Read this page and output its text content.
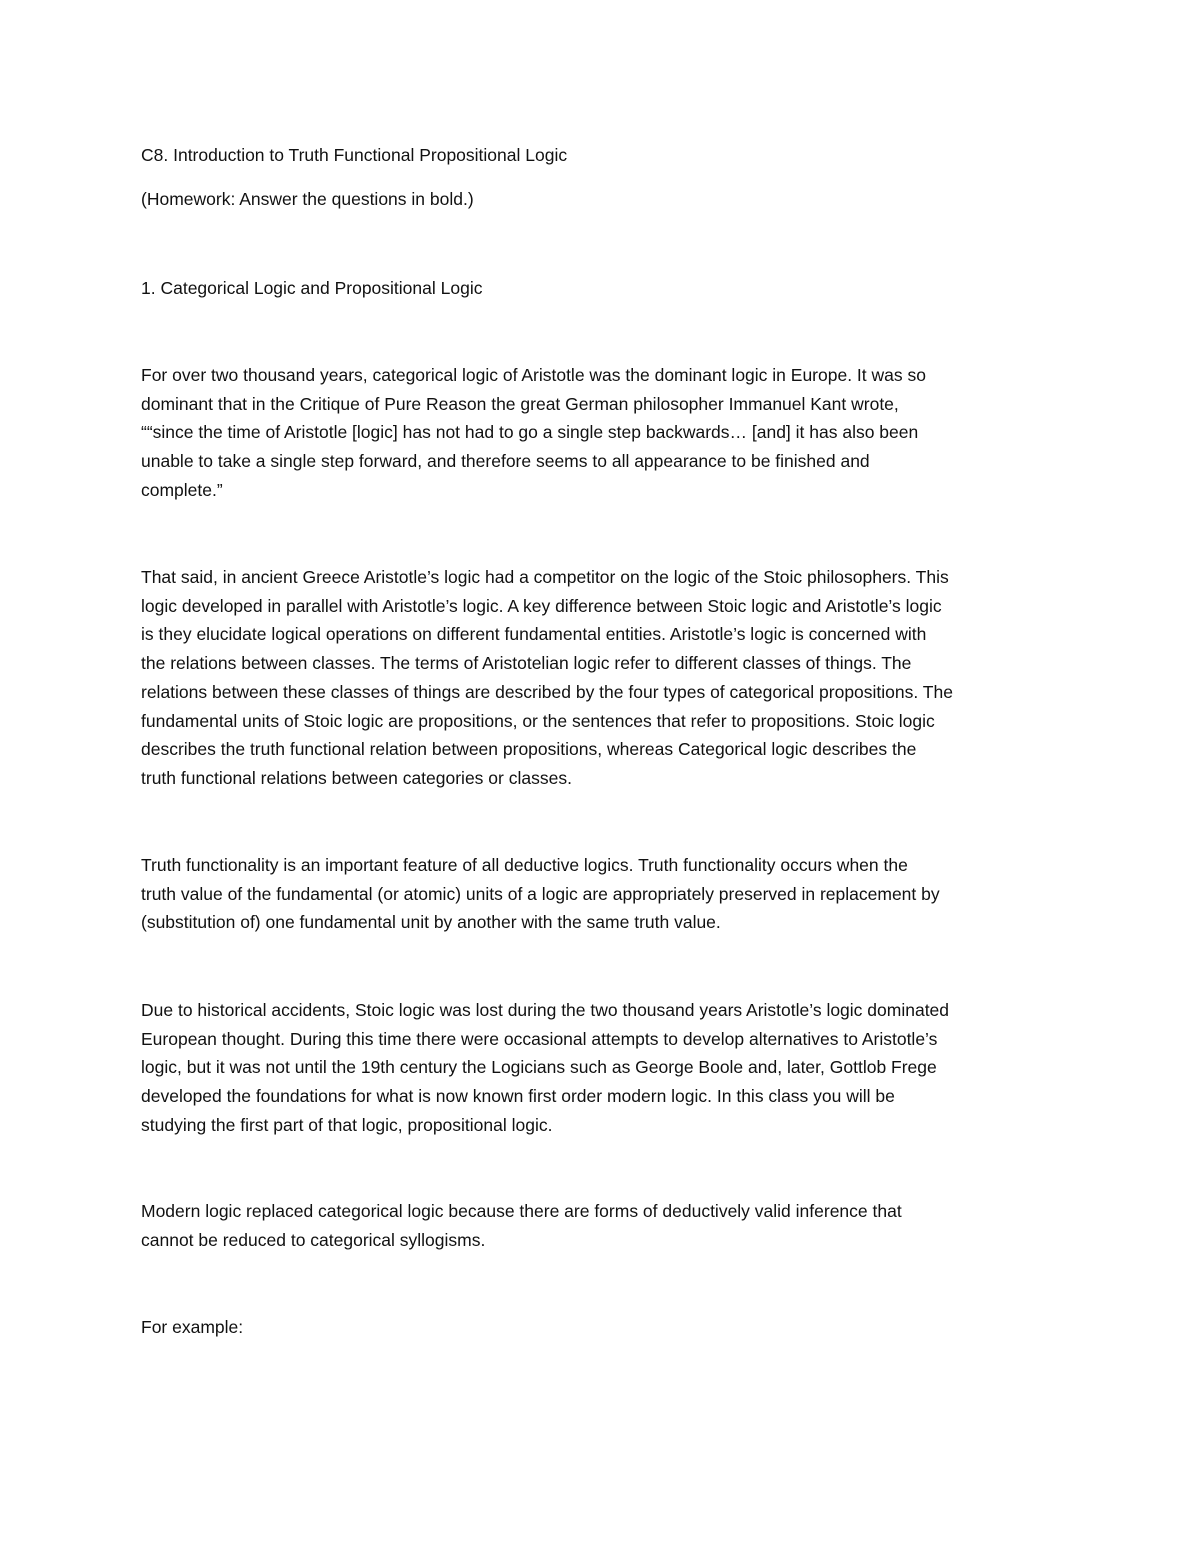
C8. Introduction to Truth Functional Propositional Logic

(Homework: Answer the questions in bold.)

1. Categorical Logic and Propositional Logic

For over two thousand years, categorical logic of Aristotle was the dominant logic in Europe. It was so

dominant that in the Critique of Pure Reason the great German philosopher Immanuel Kant wrote,

““since the time of Aristotle [logic] has not had to go a single step backwards… [and] it has also been

unable to take a single step forward, and therefore seems to all appearance to be finished and

complete.”

That said, in ancient Greece Aristotle’s logic had a competitor on the logic of the Stoic philosophers. This

logic developed in parallel with Aristotle’s logic. A key difference between Stoic logic and Aristotle’s logic

is they elucidate logical operations on different fundamental entities. Aristotle’s logic is concerned with

the relations between classes. The terms of Aristotelian logic refer to different classes of things. The

relations between these classes of things are described by the four types of categorical propositions. The

fundamental units of Stoic logic are propositions, or the sentences that refer to propositions. Stoic logic

describes the truth functional relation between propositions, whereas Categorical logic describes the

truth functional relations between categories or classes.

Truth functionality is an important feature of all deductive logics. Truth functionality occurs when the

truth value of the fundamental (or atomic) units of a logic are appropriately preserved in replacement by

(substitution of) one fundamental unit by another with the same truth value.

Due to historical accidents, Stoic logic was lost during the two thousand years Aristotle’s logic dominated

European thought. During this time there were occasional attempts to develop alternatives to Aristotle’s

logic, but it was not until the 19th century the Logicians such as George Boole and, later, Gottlob Frege

developed the foundations for what is now known first order modern logic. In this class you will be

studying the first part of that logic, propositional logic.

Modern logic replaced categorical logic because there are forms of deductively valid inference that

cannot be reduced to categorical syllogisms.

For example:
